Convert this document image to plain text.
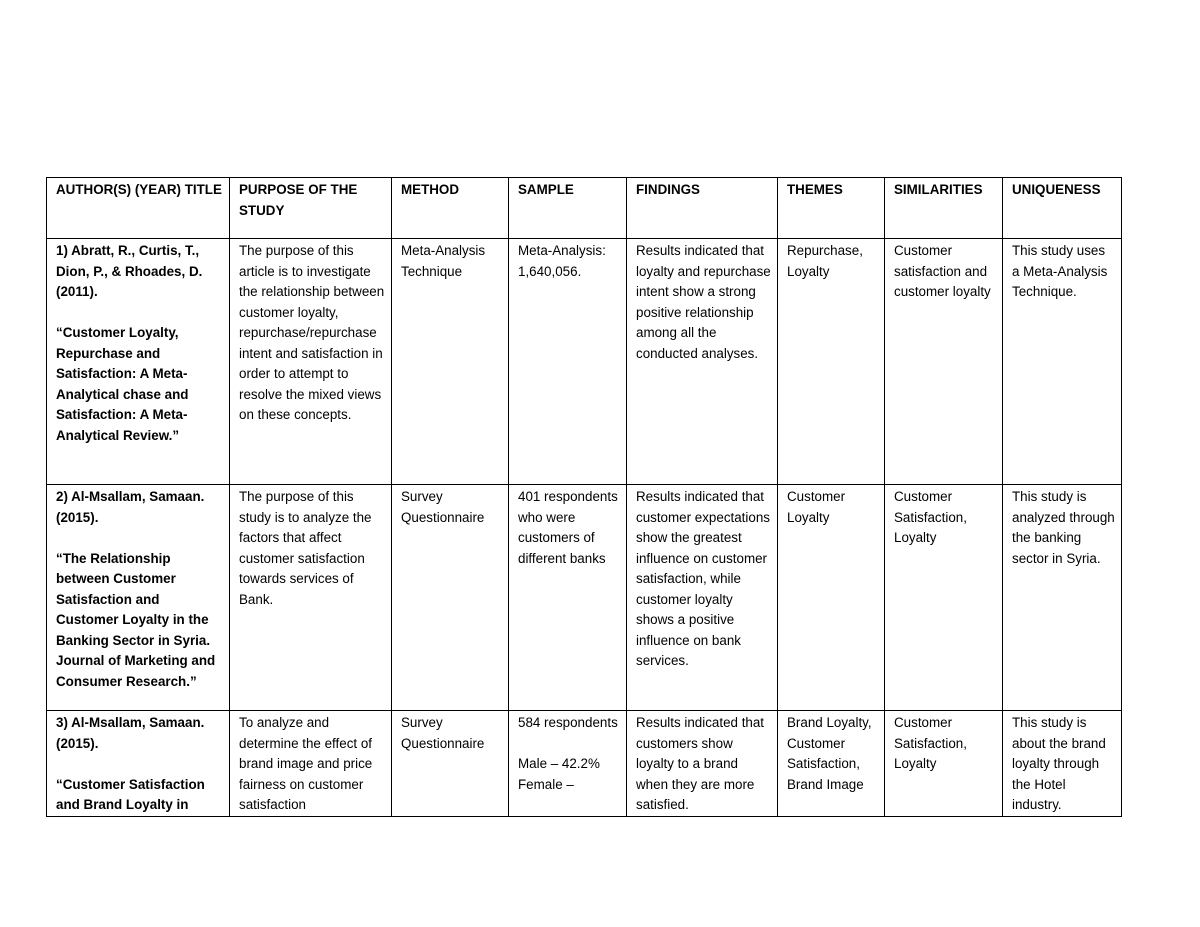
AUTHOR(S) (YEAR) TITLE	PURPOSE OF THE STUDY	METHOD	SAMPLE	FINDINGS	THEMES	SIMILARITIES	UNIQUENESS

1) Abratt, R., Curtis, T., Dion, P., & Rhoades, D. (2011).
“Customer Loyalty, Repurchase and Satisfaction: A Meta-Analytical chase and Satisfaction: A Meta-Analytical Review.”	The purpose of this article is to investigate the relationship between customer loyalty, repurchase/repurchase intent and satisfaction in order to attempt to resolve the mixed views on these concepts.	Meta-Analysis Technique	Meta-Analysis: 1,640,056.	Results indicated that loyalty and repurchase intent show a strong positive relationship among all the conducted analyses.	Repurchase, Loyalty	Customer satisfaction and customer loyalty	This study uses a Meta-Analysis Technique.

2) Al-Msallam, Samaan. (2015).
“The Relationship between Customer Satisfaction and Customer Loyalty in the Banking Sector in Syria. Journal of Marketing and Consumer Research.”	The purpose of this study is to analyze the factors that affect customer satisfaction towards services of Bank.	Survey Questionnaire	401 respondents who were customers of different banks	Results indicated that customer expectations show the greatest influence on customer satisfaction, while customer loyalty shows a positive influence on bank services.	Customer Loyalty	Customer Satisfaction, Loyalty	This study is analyzed through the banking sector in Syria.

3) Al-Msallam, Samaan. (2015).
“Customer Satisfaction and Brand Loyalty in	To analyze and determine the effect of brand image and price fairness on customer satisfaction	Survey Questionnaire	584 respondents
Male – 42.2%
Female –	Results indicated that customers show loyalty to a brand when they are more satisfied.	Brand Loyalty, Customer Satisfaction, Brand Image	Customer Satisfaction, Loyalty	This study is about the brand loyalty through the Hotel industry.
